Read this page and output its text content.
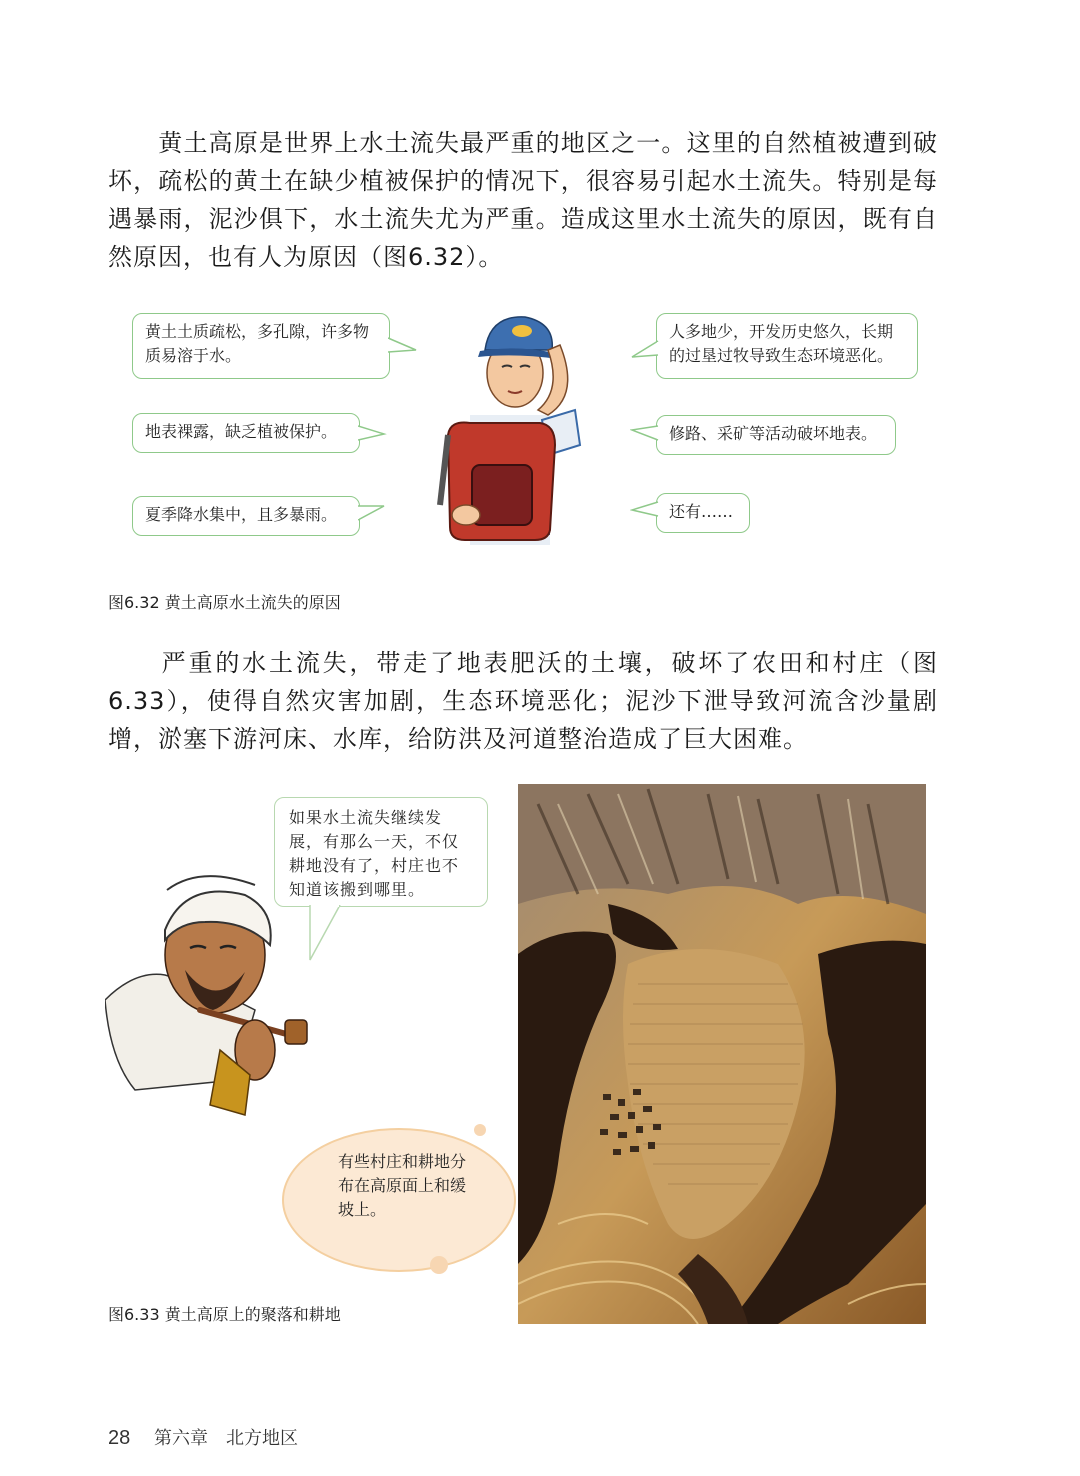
　　黄土高原是世界上水土流失最严重的地区之一。这里的自然植被遭到破坏，疏松的黄土在缺少植被保护的情况下，很容易引起水土流失。特别是每遇暴雨，泥沙俱下，水土流失尤为严重。造成这里水土流失的原因，既有自然原因，也有人为原因（图6.32）。
黄土土质疏松，多孔隙，许多物质易溶于水。
地表裸露，缺乏植被保护。
夏季降水集中，且多暴雨。
人多地少，开发历史悠久，长期的过垦过牧导致生态环境恶化。
修路、采矿等活动破坏地表。
还有……
图6.32 黄土高原水土流失的原因
　　严重的水土流失，带走了地表肥沃的土壤，破坏了农田和村庄（图6.33），使得自然灾害加剧，生态环境恶化；泥沙下泄导致河流含沙量剧增，淤塞下游河床、水库，给防洪及河道整治造成了巨大困难。
如果水土流失继续发展，有那么一天，不仅耕地没有了，村庄也不知道该搬到哪里。
有些村庄和耕地分布在高原面上和缓坡上。
图6.33 黄土高原上的聚落和耕地
28 第六章　北方地区
